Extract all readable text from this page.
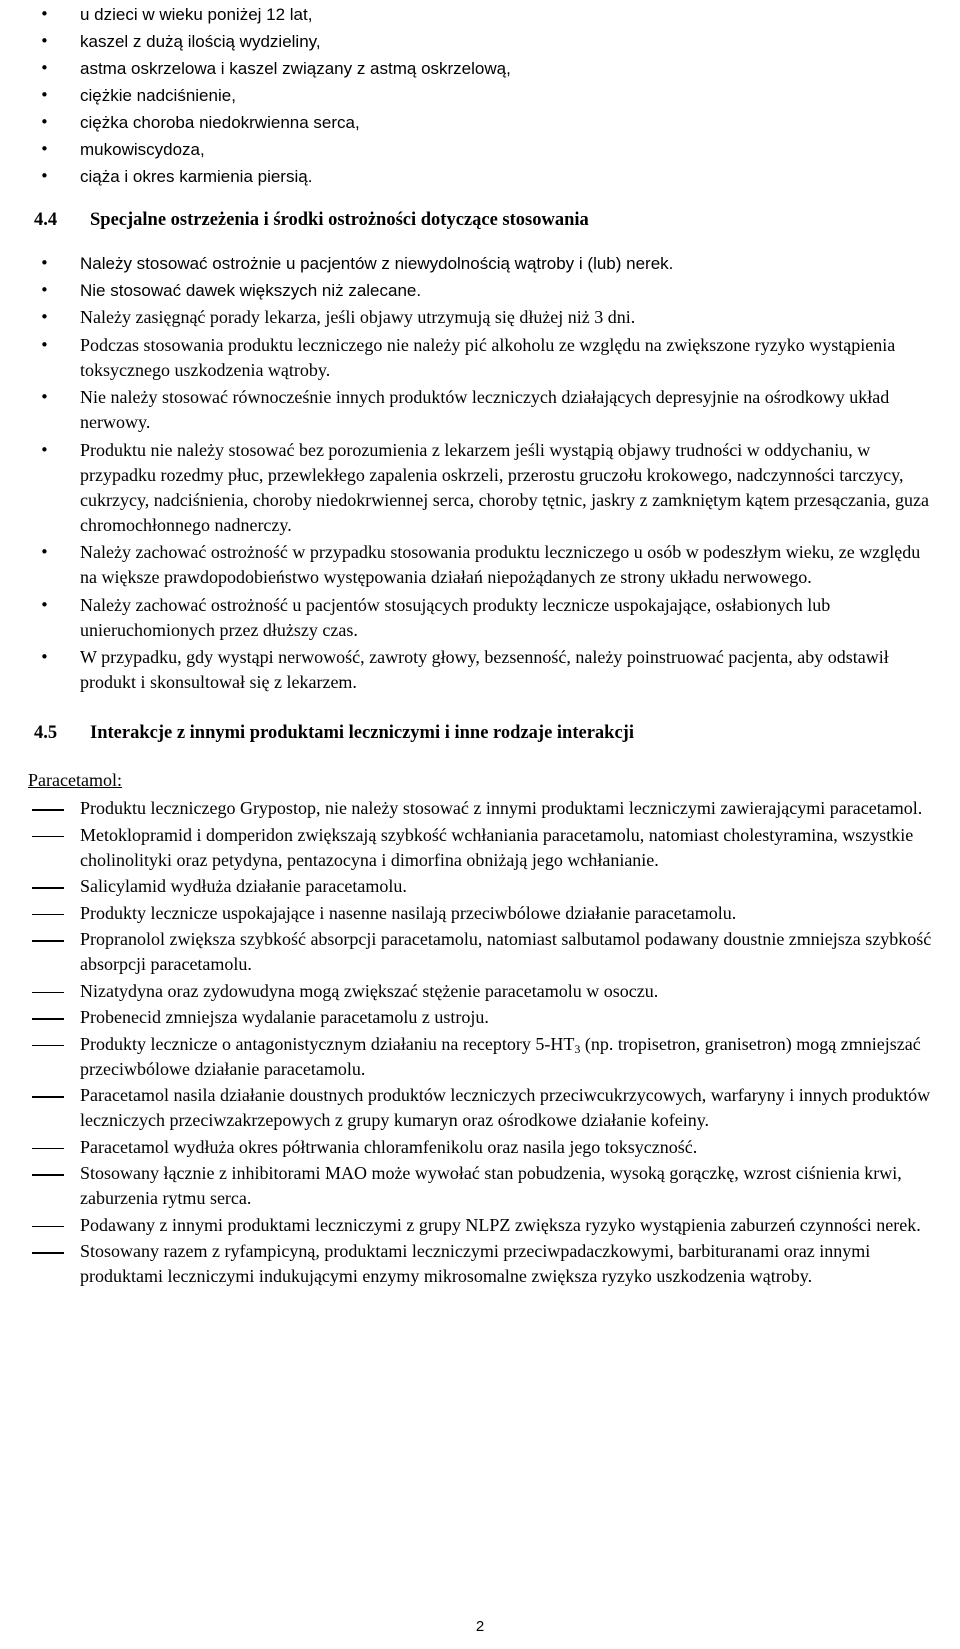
• u dzieci w wieku poniżej 12 lat,
• kaszel z dużą ilością wydzieliny,
• astma oskrzelowa i kaszel związany z astmą oskrzelową,
• ciężkie nadciśnienie,
• ciężka choroba niedokrwienna serca,
• mukowiscydoza,
• ciąża i okres karmienia piersią.
4.4	Specjalne ostrzeżenia i środki ostrożności dotyczące stosowania
• Należy stosować ostrożnie u pacjentów z niewydolnością wątroby i (lub) nerek.
• Nie stosować dawek większych niż zalecane.
• Należy zasięgnąć porady lekarza, jeśli objawy utrzymują się dłużej niż 3 dni.
• Podczas stosowania produktu leczniczego nie należy pić alkoholu ze względu na zwiększone ryzyko wystąpienia toksycznego uszkodzenia wątroby.
• Nie należy stosować równocześnie innych produktów leczniczych działających depresyjnie na ośrodkowy układ nerwowy.
• Produktu nie należy stosować bez porozumienia z lekarzem jeśli wystąpią objawy trudności w oddychaniu, w przypadku rozedmy płuc, przewlekłego zapalenia oskrzeli, przerostu gruczołu krokowego, nadczynności tarczycy, cukrzycy, nadciśnienia, choroby niedokrwiennej serca, choroby tętnic, jaskry z zamkniętym kątem przesączania, guza chromochłonnego nadnerczy.
• Należy zachować ostrożność w przypadku stosowania produktu leczniczego u osób w podeszłym wieku, ze względu na większe prawdopodobieństwo występowania działań niepożądanych ze strony układu nerwowego.
• Należy zachować ostrożność u pacjentów stosujących produkty lecznicze uspokajające, osłabionych lub unieruchomionych przez dłuższy czas.
• W przypadku, gdy wystąpi nerwowość, zawroty głowy, bezsenność, należy poinstruować pacjenta, aby odstawił produkt i skonsultował się z lekarzem.
4.5	Interakcje z innymi produktami leczniczymi i inne rodzaje interakcji
Paracetamol:
Produktu leczniczego Grypostop, nie należy stosować z innymi produktami leczniczymi zawierającymi paracetamol.
Metoklopramid i domperidon zwiększają szybkość wchłaniania paracetamolu, natomiast cholestyramina, wszystkie cholinolityki oraz petydyna, pentazocyna i dimorfina obniżają jego wchłanianie.
Salicylamid wydłuża działanie paracetamolu.
Produkty lecznicze uspokajające i nasenne nasilają przeciwbólowe działanie paracetamolu.
Propranolol zwiększa szybkość absorpcji paracetamolu, natomiast salbutamol podawany doustnie zmniejsza szybkość absorpcji paracetamolu.
Nizatydyna oraz zydowudyna mogą zwiększać stężenie paracetamolu w osoczu.
Probenecid zmniejsza wydalanie paracetamolu z ustroju.
Produkty lecznicze o antagonistycznym działaniu na receptory $5-HT_3$ (np. tropisetron, granisetron) mogą zmniejszać przeciwbólowe działanie paracetamolu.
Paracetamol nasila działanie doustnych produktów leczniczych przeciwcukrzycowych, warfaryny i innych produktów leczniczych przeciwzakrzepowych z grupy kumaryn oraz ośrodkowe działanie kofeiny.
Paracetamol wydłuża okres półtrwania chloramfenikolu oraz nasila jego toksyczność.
Stosowany łącznie z inhibitorami MAO może wywołać stan pobudzenia, wysoką gorączkę, wzrost ciśnienia krwi, zaburzenia rytmu serca.
Podawany z innymi produktami leczniczymi z grupy NLPZ zwiększa ryzyko wystąpienia zaburzeń czynności nerek.
Stosowany razem z ryfampicyną, produktami leczniczymi przeciwpadaczkowymi, barbituranami oraz innymi produktami leczniczymi indukującymi enzymy mikrosomalne zwiększa ryzyko uszkodzenia wątroby.
2
